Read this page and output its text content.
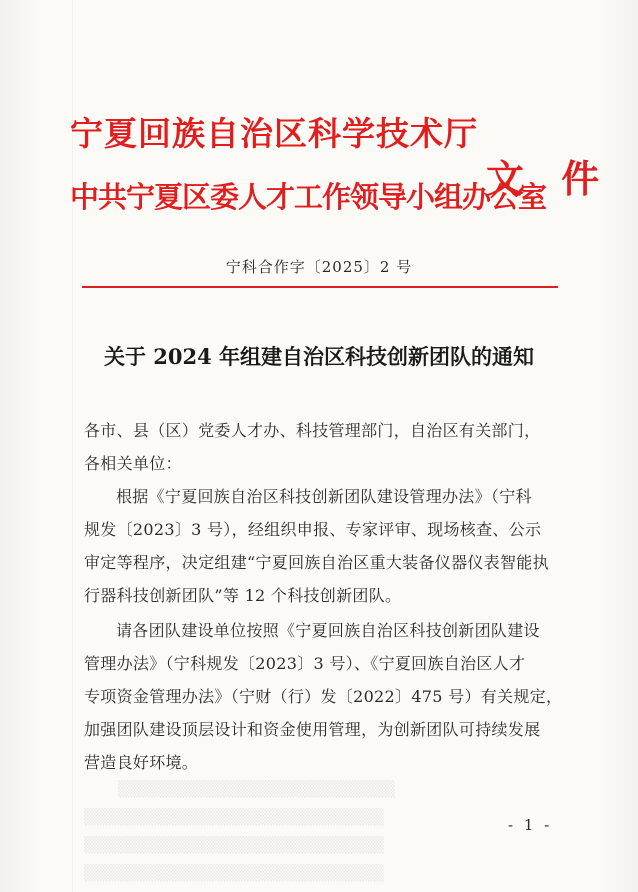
宁夏回族自治区科学技术厅
中共宁夏区委人才工作领导小组办公室
文 件
宁科合作字〔2025〕2 号
关于 2024 年组建自治区科技创新团队的通知
各市、县（区）党委人才办、科技管理部门，自治区有关部门，
各相关单位：
根据《宁夏回族自治区科技创新团队建设管理办法》（宁科
规发〔2023〕3 号），经组织申报、专家评审、现场核查、公示
审定等程序，决定组建“宁夏回族自治区重大装备仪器仪表智能执
行器科技创新团队”等 12 个科技创新团队。
请各团队建设单位按照《宁夏回族自治区科技创新团队建设
管理办法》（宁科规发〔2023〕3 号）、《宁夏回族自治区人才
专项资金管理办法》（宁财（行）发〔2022〕475 号）有关规定，
加强团队建设顶层设计和资金使用管理，为创新团队可持续发展
营造良好环境。
▒▒▒▒▒▒▒▒▒▒▒▒▒▒▒▒▒▒▒▒▒▒▒▒
▒▒▒▒▒▒▒▒▒▒▒▒▒▒▒▒▒▒▒▒▒▒▒▒▒▒
▒▒▒▒▒▒▒▒▒▒▒▒▒▒▒▒▒▒▒▒▒▒▒▒▒▒
▒▒▒▒▒▒▒▒▒▒▒▒▒▒▒▒▒▒▒▒▒▒▒▒▒▒
- 1 -
